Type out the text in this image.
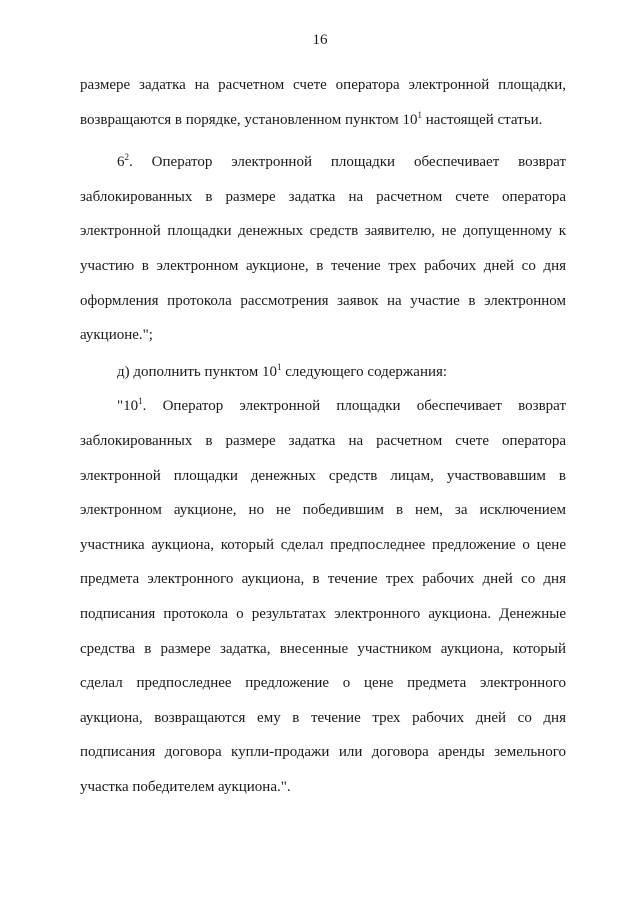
16

размере задатка на расчетном счете оператора электронной площадки, возвращаются в порядке, установленном пунктом $10^1$ настоящей статьи.

$6^2$. Оператор электронной площадки обеспечивает возврат заблокированных в размере задатка на расчетном счете оператора электронной площадки денежных средств заявителю, не допущенному к участию в электронном аукционе, в течение трех рабочих дней со дня оформления протокола рассмотрения заявок на участие в электронном аукционе.";

д) дополнить пунктом $10^1$ следующего содержания:

"$10^1$. Оператор электронной площадки обеспечивает возврат заблокированных в размере задатка на расчетном счете оператора электронной площадки денежных средств лицам, участвовавшим в электронном аукционе, но не победившим в нем, за исключением участника аукциона, который сделал предпоследнее предложение о цене предмета электронного аукциона, в течение трех рабочих дней со дня подписания протокола о результатах электронного аукциона. Денежные средства в размере задатка, внесенные участником аукциона, который сделал предпоследнее предложение о цене предмета электронного аукциона, возвращаются ему в течение трех рабочих дней со дня подписания договора купли-продажи или договора аренды земельного участка победителем аукциона.".
